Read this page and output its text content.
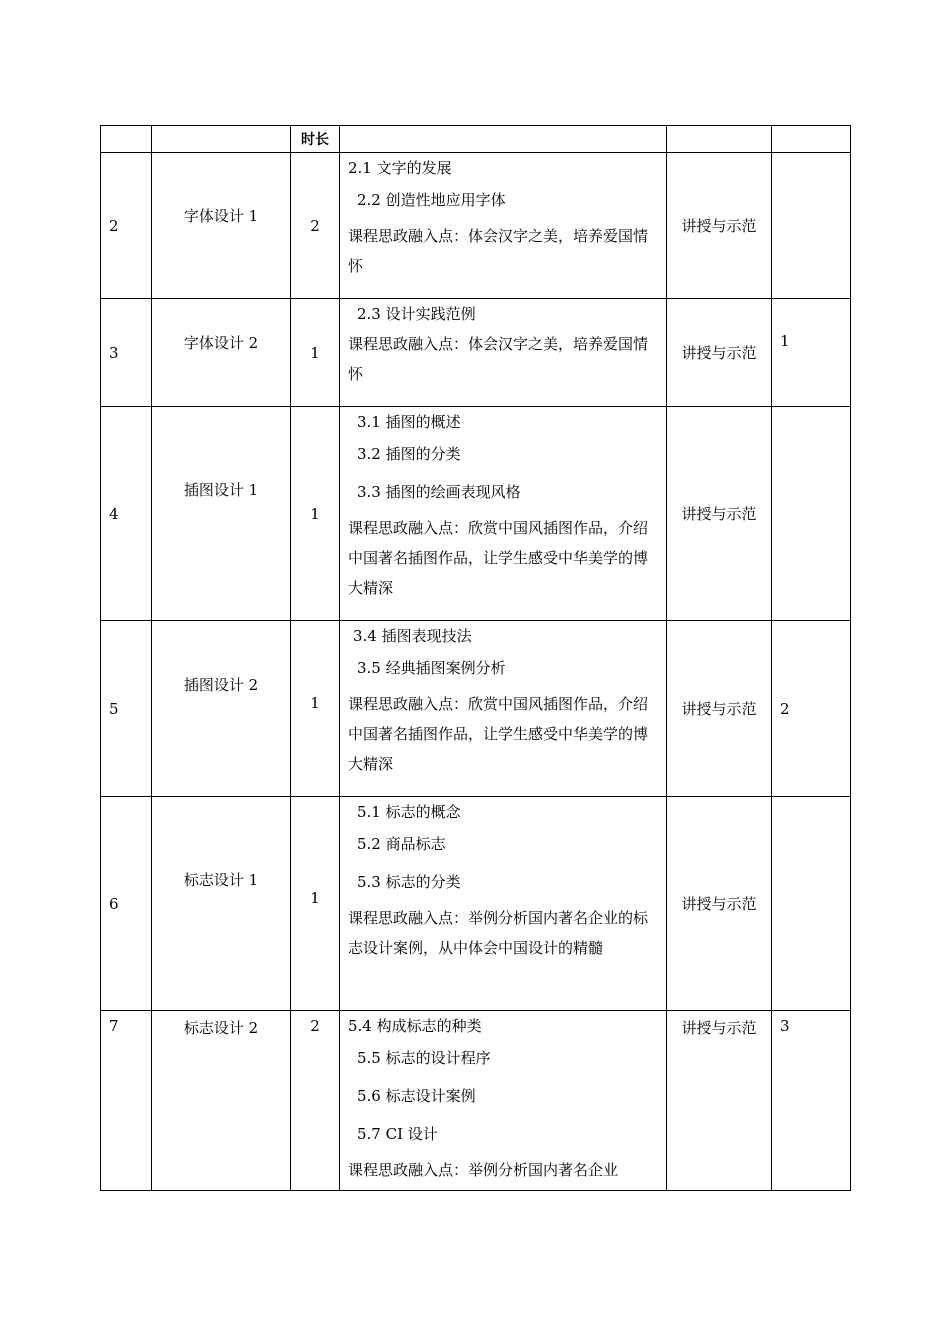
		时长			
2	字体设计 1	2	2.1 文字的发展
2.2 创造性地应用字体
课程思政融入点：体会汉字之美，培养爱国情怀	讲授与示范	
3	字体设计 2	1	2.3 设计实践范例
课程思政融入点：体会汉字之美，培养爱国情怀	讲授与示范	1

4	插图设计 1	1	3.1 插图的概述
3.2 插图的分类
3.3 插图的绘画表现风格
课程思政融入点：欣赏中国风插图作品，介绍中国著名插图作品，让学生感受中华美学的博大精深	讲授与示范	
5	插图设计 2	1	3.4 插图表现技法
3.5 经典插图案例分析
课程思政融入点：欣赏中国风插图作品，介绍中国著名插图作品，让学生感受中华美学的博大精深	讲授与示范	2
6	标志设计 1	1	5.1 标志的概念
5.2 商品标志
5.3 标志的分类
课程思政融入点：举例分析国内著名企业的标志设计案例，从中体会中国设计的精髓	讲授与示范	
7	标志设计 2	2	5.4 构成标志的种类
5.5 标志的设计程序
5.6 标志设计案例
5.7 CI 设计
课程思政融入点：举例分析国内著名企业	讲授与示范	3
